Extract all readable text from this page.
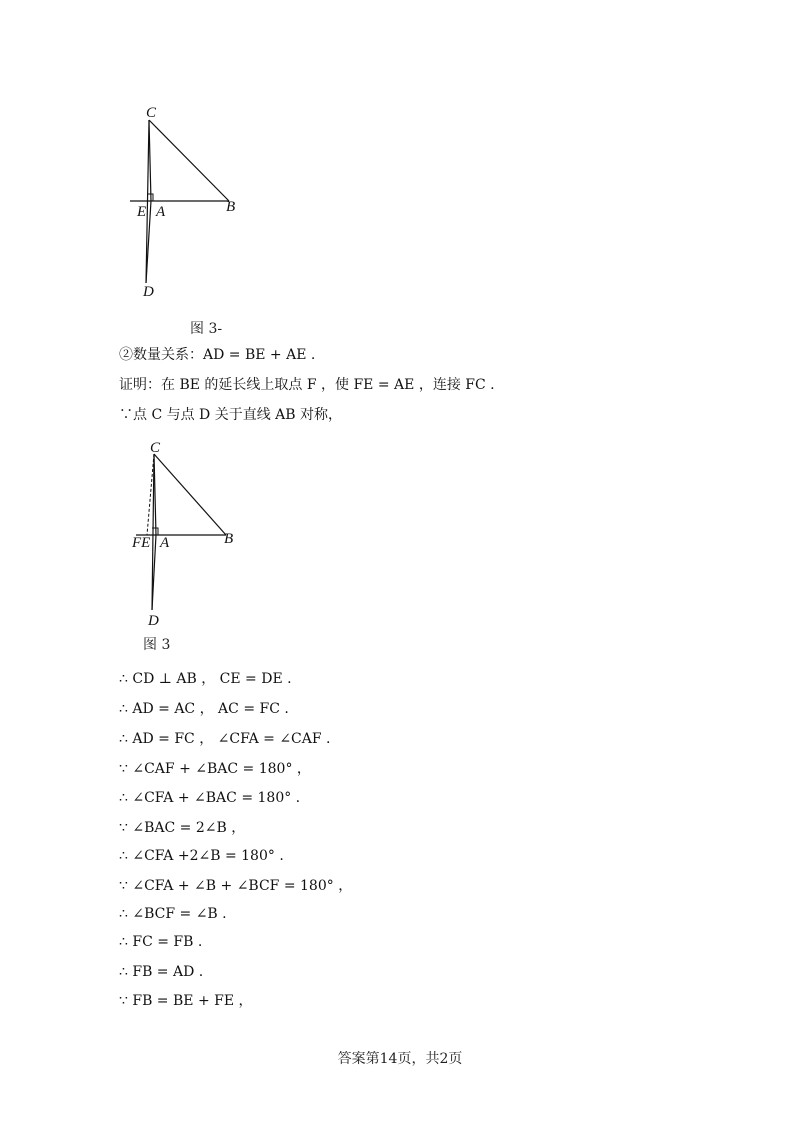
C
B
E A
D
图 3-
②数量关系：AD = BE + AE .
证明：在 BE 的延长线上取点 F ，使 FE = AE ，连接 FC .
∵点 C 与点 D 关于直线 AB 对称，
C
B
FE A
D
图 3
∴ CD ⊥ AB ， CE = DE .
∴ AD = AC ， AC = FC .
∴ AD = FC ， ∠CFA = ∠CAF .
∵ ∠CAF + ∠BAC = 180° ，
∴ ∠CFA + ∠BAC = 180° .
∵ ∠BAC = 2∠B ，
∴ ∠CFA +2∠B = 180° .
∵ ∠CFA + ∠B + ∠BCF = 180° ，
∴ ∠BCF = ∠B .
∴ FC = FB .
∴ FB = AD .
∵ FB = BE + FE ，
答案第14页，共2页
